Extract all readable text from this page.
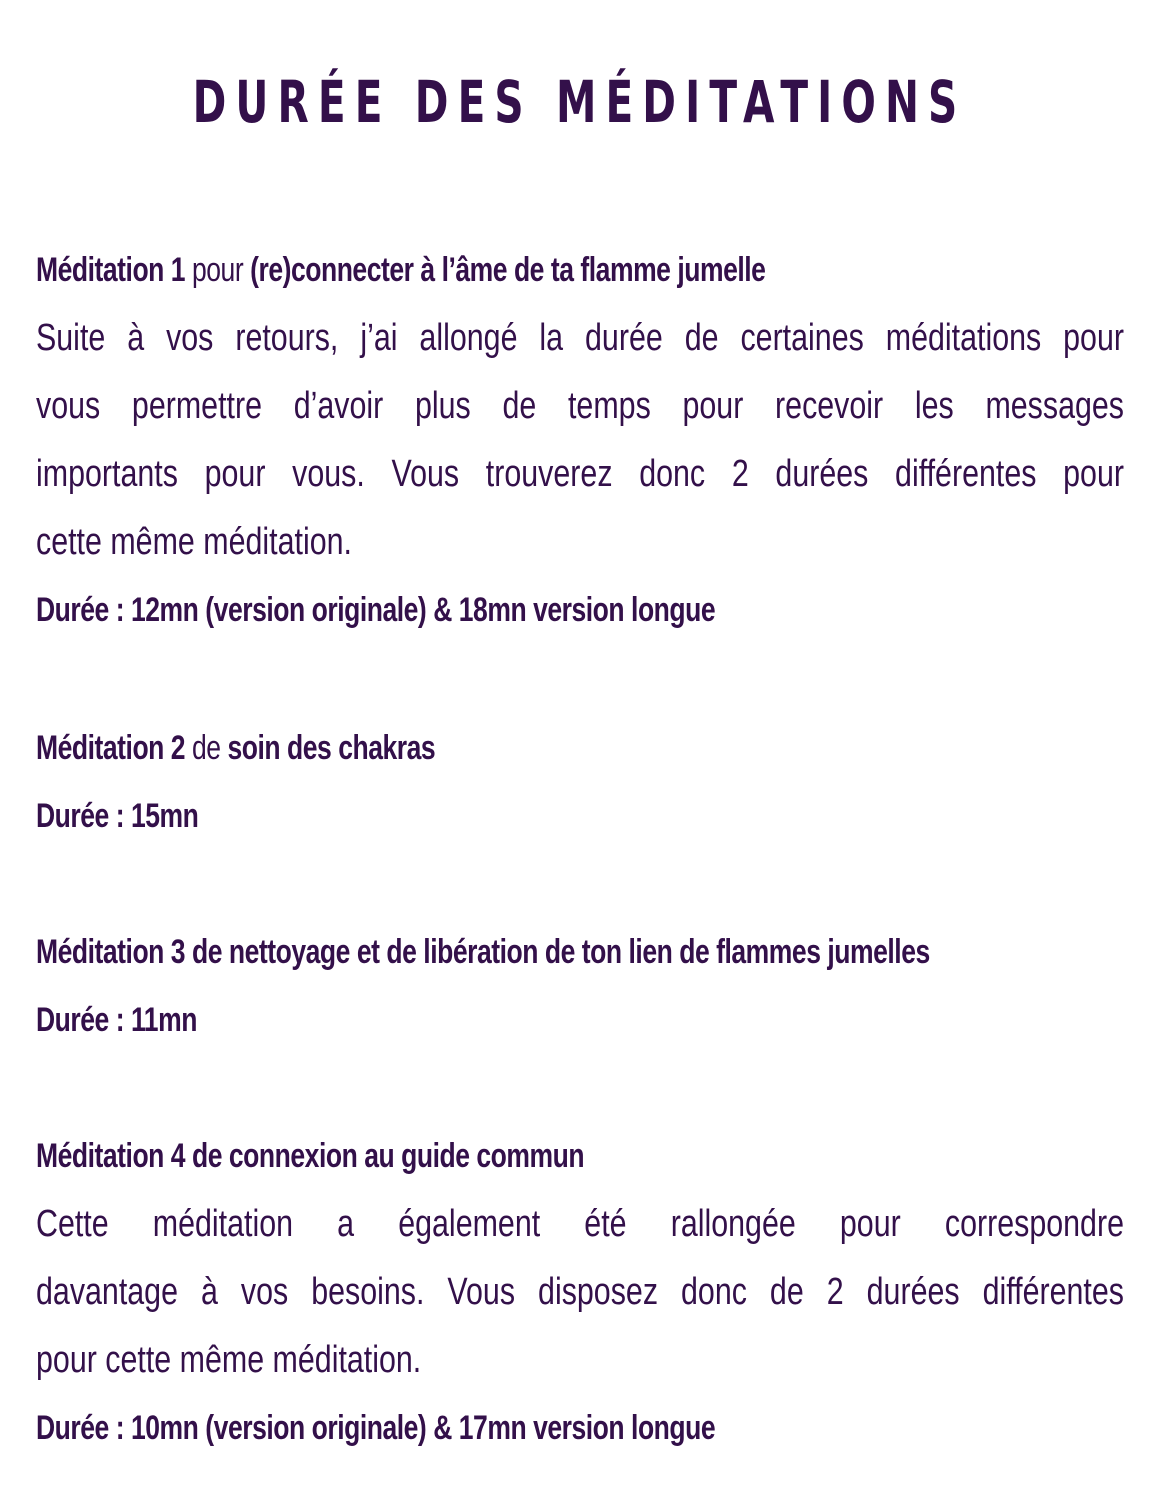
DURÉE DES MÉDITATIONS
Méditation 1 pour (re)connecter à l’âme de ta flamme jumelle
Suite à vos retours, j’ai allongé la durée de certaines méditations pour
vous permettre d’avoir plus de temps pour recevoir les messages
importants pour vous. Vous trouverez donc 2 durées différentes pour
cette même méditation.
Durée : 12mn (version originale) & 18mn version longue
Méditation 2 de soin des chakras
Durée : 15mn
Méditation 3 de nettoyage et de libération de ton lien de flammes jumelles
Durée : 11mn
Méditation 4 de connexion au guide commun
Cette méditation a également été rallongée pour correspondre
davantage à vos besoins. Vous disposez donc de 2 durées différentes
pour cette même méditation.
Durée : 10mn (version originale) & 17mn version longue
